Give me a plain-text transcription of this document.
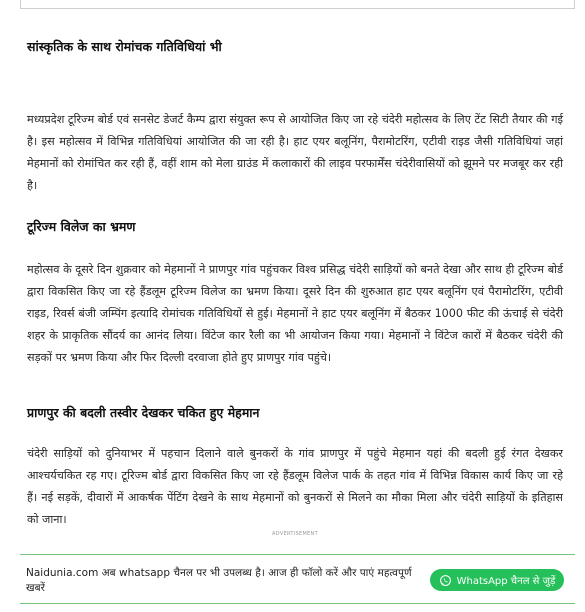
सांस्कृतिक के साथ रोमांचक गतिविधियां भी
मध्यप्रदेश टूरिज्म बोर्ड एवं सनसेट डेजर्ट कैम्प द्वारा संयुक्त रूप से आयोजित किए जा रहे चंदेरी महोत्सव के लिए टेंट सिटी तैयार की गई है। इस महोत्सव में विभिन्न गतिविधियां आयोजित की जा रही है। हाट एयर बलूनिंग, पैरामोटरिंग, एटीवी राइड जैसी गतिविधियां जहां मेहमानों को रोमांचित कर रही हैं, वहीं शाम को मेला ग्राउंड में कलाकारों की लाइव परफार्मेंस चंदेरीवासियों को झूमने पर मजबूर कर रही है।
टूरिज्म विलेज का भ्रमण
महोत्सव के दूसरे दिन शुक्रवार को मेहमानों ने प्राणपुर गांव पहुंचकर विश्व प्रसिद्ध चंदेरी साड़ियों को बनते देखा और साथ ही टूरिज्म बोर्ड द्वारा विकसित किए जा रहे हैंडलूम टूरिज्म विलेज का भ्रमण किया। दूसरे दिन की शुरुआत हाट एयर बलूनिंग एवं पैरामोटरिंग, एटीवी राइड, रिवर्स बंजी जम्पिंग इत्यादि रोमांचक गतिविधियों से हुई। मेहमानों ने हाट एयर बलूनिंग में बैठकर 1000 फीट की ऊंचाई से चंदेरी शहर के प्राकृतिक सौंदर्य का आनंद लिया। विंटेज कार रैली का भी आयोजन किया गया। मेहमानों ने विंटेज कारों में बैठकर चंदेरी की सड़कों पर भ्रमण किया और फिर दिल्ली दरवाजा होते हुए प्राणपुर गांव पहुंचे।
प्राणपुर की बदली तस्वीर देखकर चकित हुए मेहमान
चंदेरी साड़ियों को दुनियाभर में पहचान दिलाने वाले बुनकरों के गांव प्राणपुर में पहुंचे मेहमान यहां की बदली हुई रंगत देखकर आश्चर्यचकित रह गए। टूरिज्म बोर्ड द्वारा विकसित किए जा रहे हैंडलूम विलेज पार्क के तहत गांव में विभिन्न विकास कार्य किए जा रहे हैं। नई सड़कें, दीवारों में आकर्षक पेंटिंग देखने के साथ मेहमानों को बुनकरों से मिलने का मौका मिला और चंदेरी साड़ियों के इतिहास को जाना।
ADVERTISEMENT
Naidunia.com अब whatsapp चैनल पर भी उपलब्ध है। आज ही फॉलो करें और पाएं महत्वपूर्ण खबरें
WhatsApp चैनल से जुड़ें
